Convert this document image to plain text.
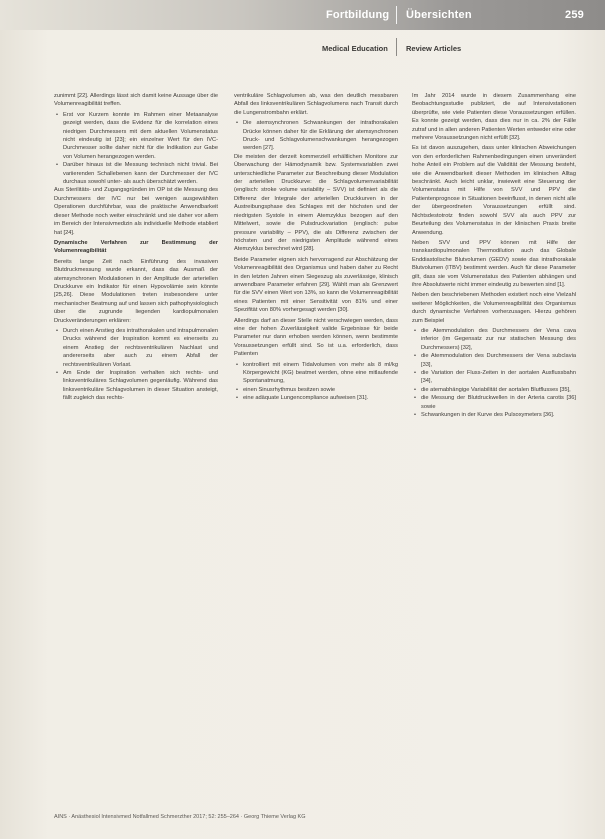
Fortbildung Übersichten	259
Medical Education Review Articles

zunimmt [22]. Allerdings lässt sich damit keine Aussage über die Volumenreagibilität treffen.

• Erst vor Kurzem konnte im Rahmen einer Metaanalyse gezeigt werden, dass die Evidenz für die korrelation eines niedrigen Durchmessers mit dem aktuellen Volumenstatus nicht eindeutig ist [23]; ein einzelner Wert für den IVC-Durchmesser sollte daher nicht für die Indikation zur Gabe von Volumen herangezogen werden.
• Darüber hinaus ist die Messung technisch nicht trivial. Bei variierenden Schallebenen kann der Durchmesser der IVC durchaus sowohl unter- als auch überschätzt werden.

Aus Sterilitäts- und Zugangsgründen im OP ist die Messung des Durchmessers der IVC nur bei wenigen ausgewählten Operationen durchführbar, was die praktische Anwendbarkeit dieser Methode noch weiter einschränkt und sie daher vor allem im Bereich der Intensivmedizin als individuelle Methode etabliert hat [24].

Dynamische Verfahren zur Bestimmung der Volumenreagibilität

Bereits lange Zeit nach Einführung des invasiven Blutdruckmessung wurde erkannt, dass das Ausmaß der atemsynchronen Modulationen in der Amplitude der arteriellen Druckkurve ein Indikator für einen Hypovolämie sein könnte [25,26]. Diese Modulationen treten insbesondere unter mechanischer Beatmung auf und lassen sich pathophysiologisch über die zugrunde liegenden kardiopulmonalen Druckveränderungen erklären:

• Durch einen Anstieg des intrathorakalen und intrapulmonalen Drucks während der Inspiration kommt es einerseits zu einem Anstieg der rechtsventrikulären Nachlast und andererseits aber auch zu einem Abfall der rechtsventrikulären Vorlast.
• Am Ende der Inspiration verhalten sich rechts- und linksventrikuläres Schlagvolumen gegenläufig. Während das linksventrikuläre Schlagvolumen in dieser Situation ansteigt, fällt zugleich das rechts-

ventrikuläre Schlagvolumen ab, was den deutlich messbaren Abfall des linksventrikulären Schlagvolumens nach Transit durch die Lungenstrombahn erklärt.

• Die atemsynchronen Schwankungen der intrathorakalen Drücke können daher für die Erklärung der atemsynchronen Druck- und Schlagvolumenschwankungen herangezogen werden [27].

Die meisten der derzeit kommerziell erhältlichen Monitore zur Überwachung der Hämodynamik bzw. Systemvariablen zwei unterschiedliche Parameter zur Beschreibung dieser Modulation der arteriellen Druckkurve: die Schlagvolumenvariabilität (englisch: stroke volume variability – SVV) ist definiert als die Differenz der Integrale der arteriellen Druckkurven in der Austreibungsphase des Schlages mit der höchsten und der niedrigsten Systole in einem Atemzyklus bezogen auf den Mittelwert, sowie die Pulsdruckvariation (englisch: pulse pressure variability – PPV), die als Differenz zwischen der höchsten und der niedrigsten Amplitude während eines Atemzyklus berechnet wird [28].

Beide Parameter eignen sich hervorragend zur Abschätzung der Volumenreagibilität des Organismus und haben daher zu Recht in den letzten Jahren einen Siegeszug als zuverlässige, klinisch anwendbare Parameter erfahren [29]. Wählt man als Grenzwert für die SVV einen Wert von 13%, so kann die Volumenreagibilität eines Patienten mit einer Sensitivität von 81% und einer Spezifität von 80% vorhergesagt werden [30].

Allerdings darf an dieser Stelle nicht verschwiegen werden, dass eine der hohen Zuverlässigkeit valide Ergebnisse für beide Parameter nur dann erhoben werden können, wenn bestimmte Voraussetzungen erfüllt sind. So ist u.a. erforderlich, dass Patienten

• kontrolliert mit einem Tidalvolumen von mehr als 8 ml/kg Körpergewicht (KG) beatmet werden, ohne eine mitlaufende Spontanatmung,
• einen Sinusrhythmus besitzen sowie
• eine adäquate Lungencompliance aufweisen [31].

Im Jahr 2014 wurde in diesem Zusammenhang eine Beobachtungsstudie publiziert, die auf Intensivstationen überprüfte, wie viele Patienten diese Voraussetzungen erfüllen. Es konnte gezeigt werden, dass dies nur in ca. 2% der Fälle zutraf und in allen anderen Patienten Werten entweder eine oder mehrere Voraussetzungen nicht erfüllt [32].

Es ist davon auszugehen, dass unter klinischen Abweichungen von den erforderlichen Rahmenbedingungen einen unverändert hohe Anteil ein Problem auf die Validität der Messung besteht, wie die Anwendbarkeit dieser Methoden im klinischen Alltag beschränkt. Auch leicht unklar, inwieweit eine Steuerung der Volumenstatus mit Hilfe von SVV und PPV die Patientenprognose in Situationen beeinflusst, in denen nicht alle der übergeordneten Voraussetzungen erfüllt sind. Nichtsdestotrotz finden sowohl SVV als auch PPV zur Beurteilung des Volumenstatus in der klinischen Praxis breite Anwendung.

Neben SVV und PPV können mit Hilfe der transkardiopulmonalen Thermodilution auch das Globale Enddiastolische Blutvolumen (GEDV) sowie das intrathorakale Blutvolumen (ITBV) bestimmt werden. Auch für diese Parameter gilt, dass sie vom Volumenstatus des Patienten abhängen und ihre Absolutwerte nicht immer eindeutig zu bewerten sind [1].

Neben den beschriebenen Methoden existiert noch eine Vielzahl weiterer Möglichkeiten, die Volumenreagibilität des Organismus durch dynamische Verfahren vorherzusagen. Hierzu gehören zum Beispiel

• die Atemmodulation des Durchmessers der Vena cava inferior (im Gegensatz zur nur statischen Messung des Durchmessers) [32],
• die Atemmodulation des Durchmessers der Vena subclavia [33],
• die Variation der Fluss-Zeiten in der aortalen Ausflussbahn [34],
• die atemabhängige Variabilität der aortalen Blutflusses [35],
• die Messung der Blutdruckwellen in der Arteria carotis [36] sowie
• Schwankungen in der Kurve des Pulsoxymeters [36].
AINS · Anästhesiol Intensivmed Notfallmed Schmerzther 2017; 52: 255–264 · Georg Thieme Verlag KG
